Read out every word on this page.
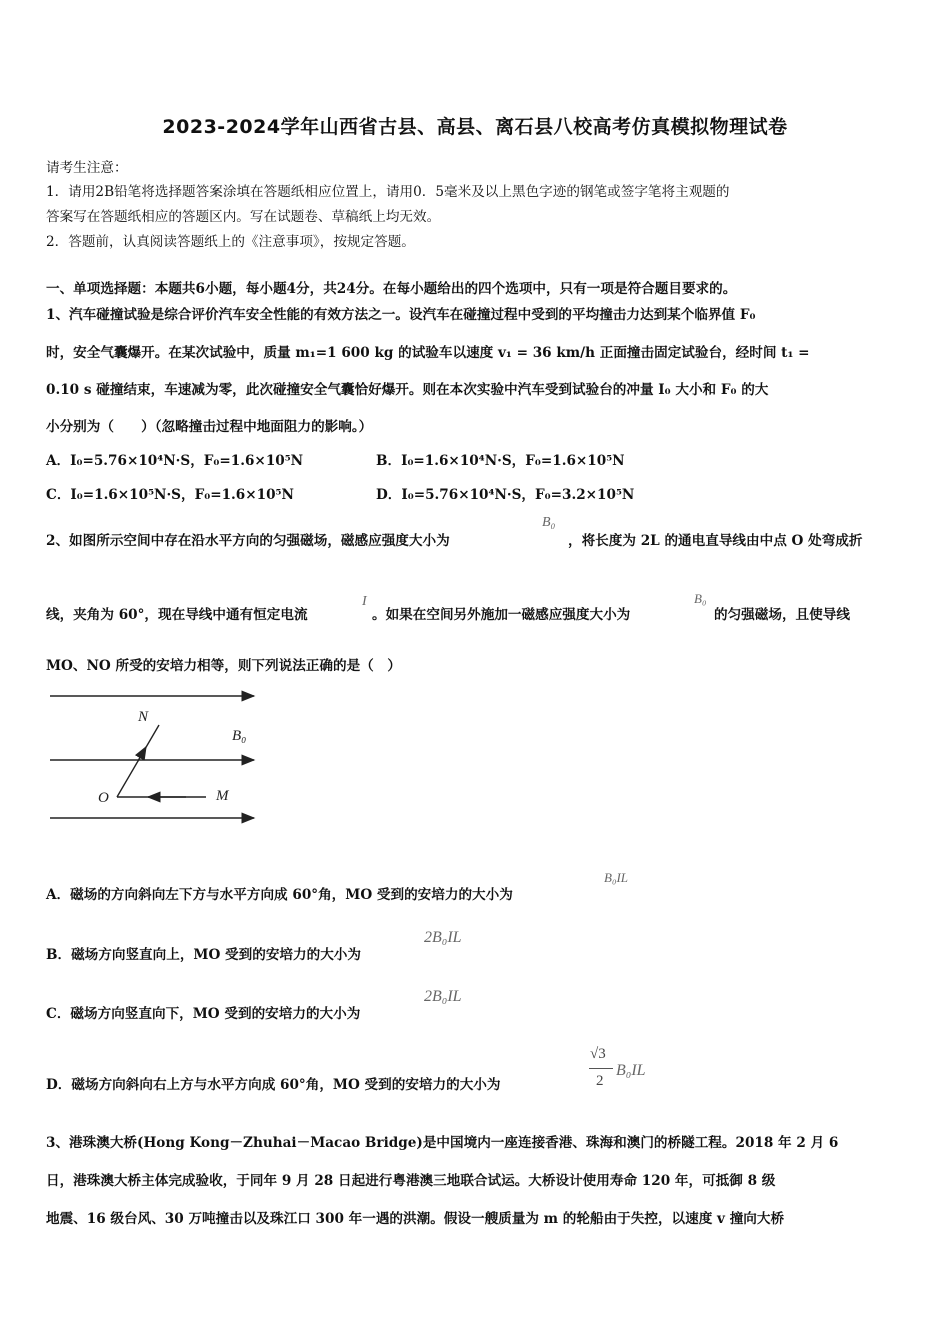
2023-2024学年山西省古县、高县、离石县八校高考仿真模拟物理试卷
请考生注意：
1．请用2B铅笔将选择题答案涂填在答题纸相应位置上，请用0．5毫米及以上黑色字迹的钢笔或签字笔将主观题的
答案写在答题纸相应的答题区内。写在试题卷、草稿纸上均无效。
2．答题前，认真阅读答题纸上的《注意事项》，按规定答题。
一、单项选择题：本题共6小题，每小题4分，共24分。在每小题给出的四个选项中，只有一项是符合题目要求的。
1、汽车碰撞试验是综合评价汽车安全性能的有效方法之一。设汽车在碰撞过程中受到的平均撞击力达到某个临界值 F₀
时，安全气囊爆开。在某次试验中，质量 m₁=1 600 kg 的试验车以速度 v₁ = 36 km/h 正面撞击固定试验台，经时间 t₁ =
0.10 s 碰撞结束，车速减为零，此次碰撞安全气囊恰好爆开。则在本次实验中汽车受到试验台的冲量 I₀ 大小和 F₀ 的大
小分别为（　　）（忽略撞击过程中地面阻力的影响。）
A．I₀=5.76×10⁴N·S，F₀=1.6×10⁵N	B．I₀=1.6×10⁴N·S，F₀=1.6×10⁵N
C．I₀=1.6×10⁵N·S，F₀=1.6×10⁵N	D．I₀=5.76×10⁴N·S，F₀=3.2×10⁵N
2、如图所示空间中存在沿水平方向的匀强磁场，磁感应强度大小为
B₀
，将长度为 2L 的通电直导线由中点 O 处弯成折
线，夹角为 60°，现在导线中通有恒定电流
I
。如果在空间另外施加一磁感应强度大小为
B₀
的匀强磁场，且使导线
MO、NO 所受的安培力相等，则下列说法正确的是（　）
N
B₀
O	M
A．磁场的方向斜向左下方与水平方向成 60°角，MO 受到的安培力的大小为
B₀IL
B．磁场方向竖直向上，MO 受到的安培力的大小为
2B₀IL
C．磁场方向竖直向下，MO 受到的安培力的大小为
2B₀IL
D．磁场方向斜向右上方与水平方向成 60°角，MO 受到的安培力的大小为
√3
2
B₀IL
3、港珠澳大桥(Hong Kong－Zhuhai－Macao Bridge)是中国境内一座连接香港、珠海和澳门的桥隧工程。2018 年 2 月 6
日，港珠澳大桥主体完成验收，于同年 9 月 28 日起进行粤港澳三地联合试运。大桥设计使用寿命 120 年，可抵御 8 级
地震、16 级台风、30 万吨撞击以及珠江口 300 年一遇的洪潮。假设一艘质量为 m 的轮船由于失控，以速度 v 撞向大桥
